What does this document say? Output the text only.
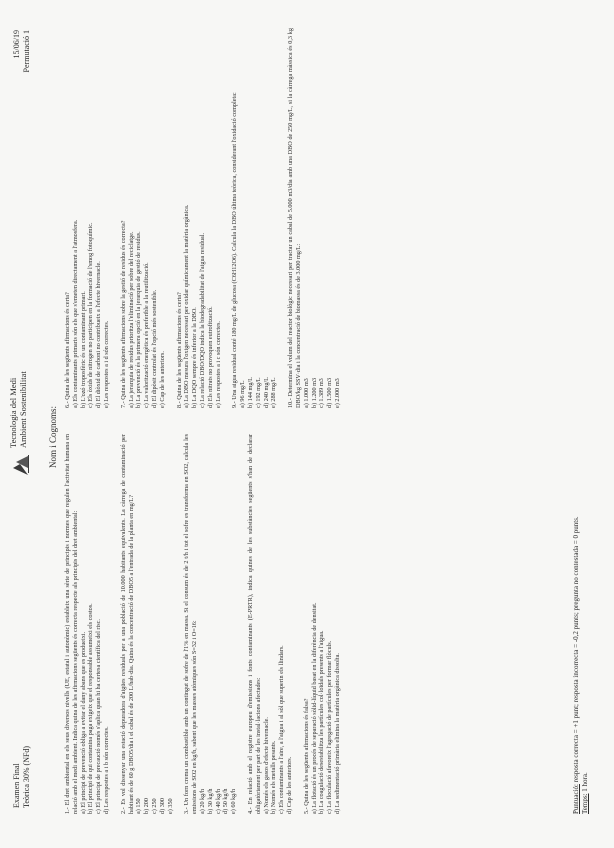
Examen Final Teòrica 30% (NFd)
Tecnologia del Medi Ambient Sostenibilitat
15/06/19 Permutació 1
Nom i Cognoms: 1.- El dret ambiental en els seus diversos nivells (UE, estatal i autonòmic) estableix una sèrie de principis i normes que regulen l'activitat humana en relació amb el medi ambient. Indica quina de les afirmacions següents és correcta respecte als principis del dret ambiental: a) El principi de prevenció obliga a evitar el dany abans que es produeixi. b) El principi de qui contamina paga exigeix que el responsable assumeixi els costos. c) El principi de precaució només s'aplica quan hi ha certesa científica del risc. d) Les respostes a i b són correctes. 2.- Es vol dissenyar una estació depuradora d'aigües residuals per a una població de 10.000 habitants equivalents. La càrrega de contaminació per habitant és de 60 g DBO5/dia i el cabal és de 200 L/hab·dia. Quina és la concentració de DBO5 a l'entrada de la planta en mg/L? a) 150 b) 200 c) 250 d) 300 e) 350 3.- Un forn crema un combustible amb un contingut de sofre de l'1% en massa. Si el consum és de 2 t/h i tot el sofre es transforma en SO2, calcula les emissions de SO2 en kg/h, sabent que les masses atòmiques són S=32 i O=16: a) 20 kg/h b) 30 kg/h c) 40 kg/h d) 50 kg/h e) 60 kg/h 4.- En relació amb el registre europeu d'emissions i fonts contaminants (E-PRTR), indica quines de les substàncies següents s'han de declarar obligatòriament per part de les instal·lacions afectades: a) Només els gasos d'efecte hivernacle. b) Només els metalls pesants. c) Els contaminants a l'aire, a l'aigua i al sòl que superin els llindars. d) Cap de les anteriors. 5.- Quina de les següents afirmacions és falsa? a) La flotació és un procés de separació sòlid-líquid basat en la diferència de densitat. b) La coagulació desestabilitza les partícules col·loïdals presents a l'aigua. c) La floculació afavoreix l'agregació de partícules per formar flòculs. d) La sedimentació primària elimina la matèria orgànica dissolta.
6.- Quina de les següents afirmacions és certa? a) Els contaminants primaris són els que s'emeten directament a l'atmosfera. b) L'ozó troposfèric és un contaminant primari. c) Els òxids de nitrogen no participen en la formació de l'smog fotoquímic. d) El diòxid de carboni no contribueix a l'efecte hivernacle. e) Les respostes a i d són correctes. 7.- Quina de les següents afirmacions sobre la gestió de residus és correcta? a) La jerarquia de residus prioritza l'eliminació per sobre del reciclatge. b) La prevenció és la primera opció en la jerarquia de gestió de residus. c) La valorització energètica és preferible a la reutilització. d) El dipòsit controlat és l'opció més sostenible. e) Cap de les anteriors. 8.- Quina de les següents afirmacions és certa? a) La DBO mesura l'oxigen necessari per oxidar químicament la matèria orgànica. b) La DQO sempre és inferior a la DBO. c) La relació DBO/DQO indica la biodegradabilitat de l'aigua residual. d) Els nitrats no provoquen eutrofització. e) Les respostes a i c són correctes. 9.- Una aigua residual conté 180 mg/L de glucosa (C6H12O6). Calcula la DBO última teòrica, considerant l'oxidació completa: a) 96 mg/L b) 144 mg/L c) 192 mg/L d) 240 mg/L e) 288 mg/L 10.- Determina el volum del reactor biològic necessari per tractar un cabal de 5.000 m3/dia amb una DBO de 250 mg/L, si la càrrega màssica és 0,3 kg DBO/kg SSV·dia i la concentració de biomassa és de 3.000 mg/L: a) 1.000 m3 b) 1.200 m3 c) 1.389 m3 d) 1.500 m3 e) 2.000 m3
Puntuació: resposta correcta = +1 punt; resposta incorrecta = -0,2 punts; pregunta no contestada = 0 punts.
Temps: 1 hora.
